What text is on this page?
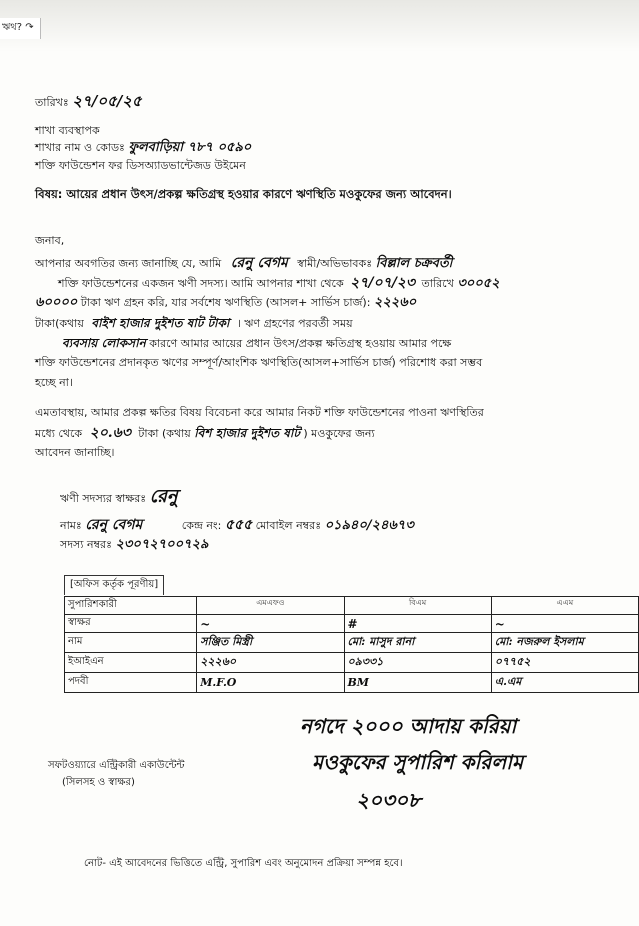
ঋথ? ↷
তারিখঃ ২৭/০৫/২৫
শাখা ব্যবস্থাপক
শাখার নাম ও কোডঃ ফুলবাড়িয়া ৭৮৭ ০৫৯০
শক্তি ফাউন্ডেশন ফর ডিসঅ্যাডভান্টেজড উইমেন
বিষয়: আয়ের প্রধান উৎস/প্রকল্প ক্ষতিগ্রস্থ হওয়ার কারণে ঋণস্থিতি মওকুফের জন্য আবেদন।
জনাব,
আপনার অবগতির জন্য জানাচ্ছি যে, আমি রেনু বেগম স্বামী/অভিভাবকঃ বিল্লাল চক্রবর্তী
শক্তি ফাউন্ডেশনের একজন ঋণী সদস্য। আমি আপনার শাখা থেকে ২৭/০৭/২৩ তারিখে ৩০০৫২
৬০০০০ টাকা ঋণ গ্রহন করি, যার সর্বশেষ ঋণস্থিতি (আসল+ সার্ভিস চার্জ): ২২২৬০
টাকা(কথায় বাইশ হাজার দুইশত ষাট টাকা । ঋণ গ্রহণের পরবর্তী সময়
ব্যবসায় লোকসান কারণে আমার আয়ের প্রধান উৎস/প্রকল্প ক্ষতিগ্রস্থ হওয়ায় আমার পক্ষে
শক্তি ফাউন্ডেশনের প্রদানকৃত ঋণের সম্পূর্ণ/আংশিক ঋণস্থিতি(আসল+সার্ভিস চার্জ) পরিশোধ করা সম্ভব
হচ্ছে না।
এমতাবস্থায়, আমার প্রকল্প ক্ষতির বিষয় বিবেচনা করে আমার নিকট শক্তি ফাউন্ডেশনের পাওনা ঋণস্থিতির
মধ্যে থেকে ২০.৬৩ টাকা (কথায় বিশ হাজার দুইশত ষাট ) মওকুফের জন্য
আবেদন জানাচ্ছি।
ঋণী সদস্যর স্বাক্ষরঃ রেনু
নামঃ রেনু বেগম	কেন্দ্র নং: ৫৫৫ মোবাইল নম্বরঃ ০১৯৪০/২৪৬৭৩
সদস্য নম্বরঃ ২৩০৭২৭০০৭২৯
[অফিস কর্তৃক পূরণীয়]
সুপারিশকারী	এমএফও	বিএম	এএম

স্বাক্ষর	~	#	~
নাম	সঞ্জিত মিস্ত্রী	মো: মাসুদ রানা	মো: নজরুল ইসলাম
ইআইএন	২২২৬০	০৯৩৩১	০৭৭৫২
পদবী	M.F.O	BM	এ.এম
নগদে ২০০০ আদায় করিয়া
মওকুফের সুপারিশ করিলাম
২০৩০৮
সফটওয়্যারে এন্ট্রিকারী একাউন্টেন্ট
(সিলসহ ও স্বাক্ষর)
নোট- এই আবেদনের ভিত্তিতে এন্ট্রি, সুপারিশ এবং অনুমোদন প্রক্রিয়া সম্পন্ন হবে।
